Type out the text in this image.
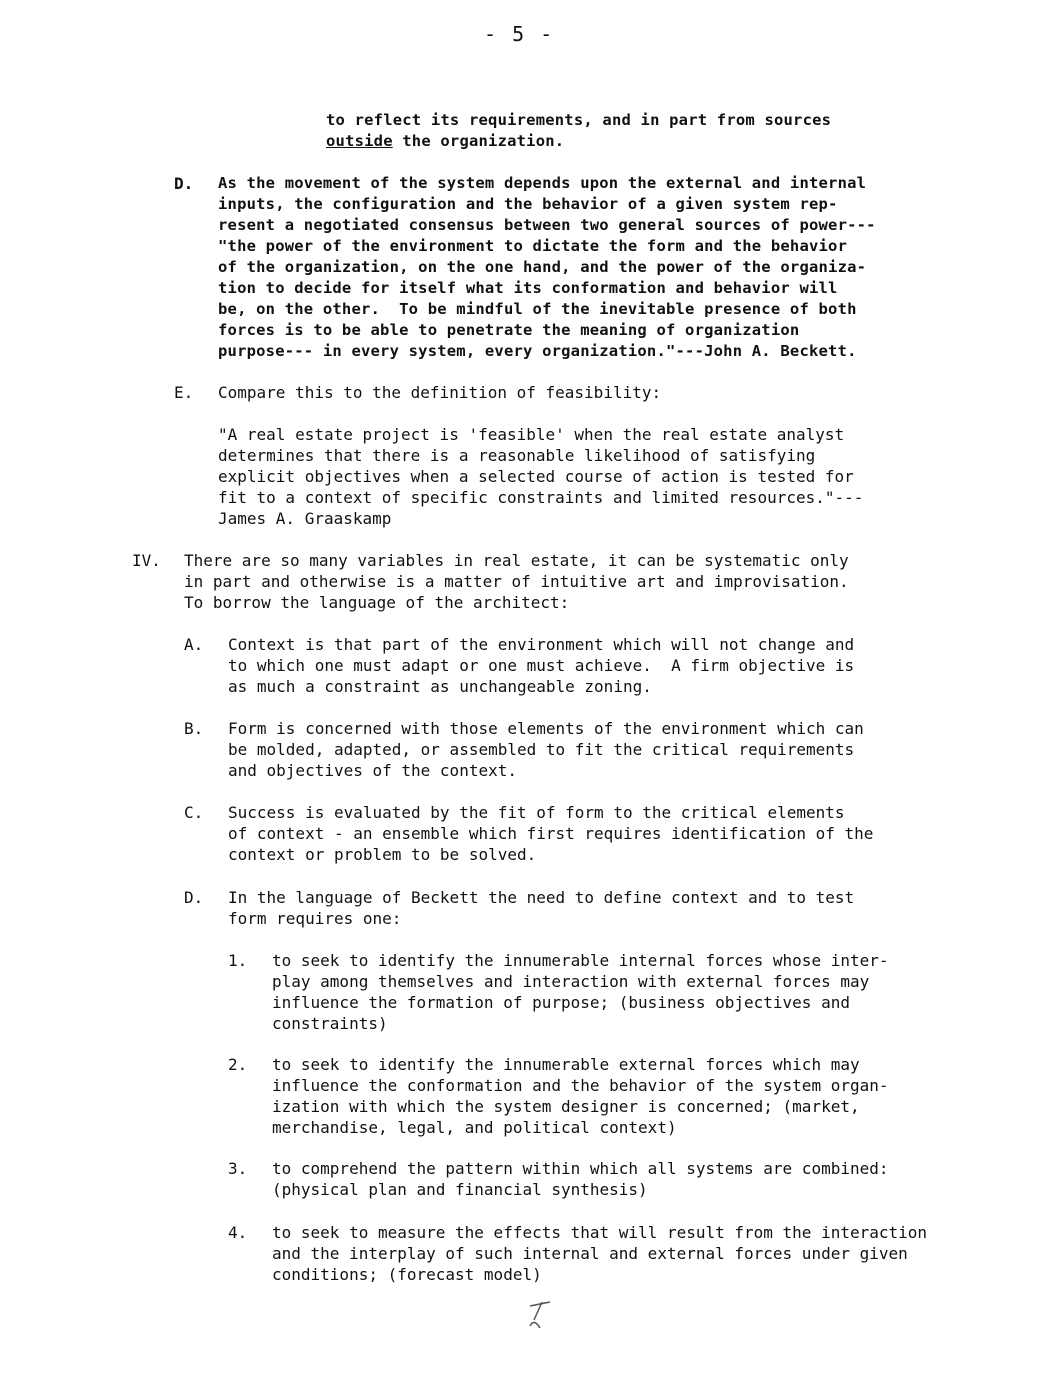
- 5 -
to reflect its requirements, and in part from sources
outside the organization.
D. As the movement of the system depends upon the external and internal
inputs, the configuration and the behavior of a given system rep-
resent a negotiated consensus between two general sources of power---
"the power of the environment to dictate the form and the behavior
of the organization, on the one hand, and the power of the organiza-
tion to decide for itself what its conformation and behavior will
be, on the other.  To be mindful of the inevitable presence of both
forces is to be able to penetrate the meaning of organization
purpose--- in every system, every organization."---John A. Beckett.
E. Compare this to the definition of feasibility:
"A real estate project is 'feasible' when the real estate analyst
determines that there is a reasonable likelihood of satisfying
explicit objectives when a selected course of action is tested for
fit to a context of specific constraints and limited resources."---
James A. Graaskamp
IV. There are so many variables in real estate, it can be systematic only
in part and otherwise is a matter of intuitive art and improvisation.
To borrow the language of the architect:
A. Context is that part of the environment which will not change and
to which one must adapt or one must achieve.  A firm objective is
as much a constraint as unchangeable zoning.
B. Form is concerned with those elements of the environment which can
be molded, adapted, or assembled to fit the critical requirements
and objectives of the context.
C. Success is evaluated by the fit of form to the critical elements
of context - an ensemble which first requires identification of the
context or problem to be solved.
D. In the language of Beckett the need to define context and to test
form requires one:
1. to seek to identify the innumerable internal forces whose inter-
play among themselves and interaction with external forces may
influence the formation of purpose; (business objectives and
constraints)
2. to seek to identify the innumerable external forces which may
influence the conformation and the behavior of the system organ-
ization with which the system designer is concerned; (market,
merchandise, legal, and political context)
3. to comprehend the pattern within which all systems are combined:
(physical plan and financial synthesis)
4. to seek to measure the effects that will result from the interaction
and the interplay of such internal and external forces under given
conditions; (forecast model)
